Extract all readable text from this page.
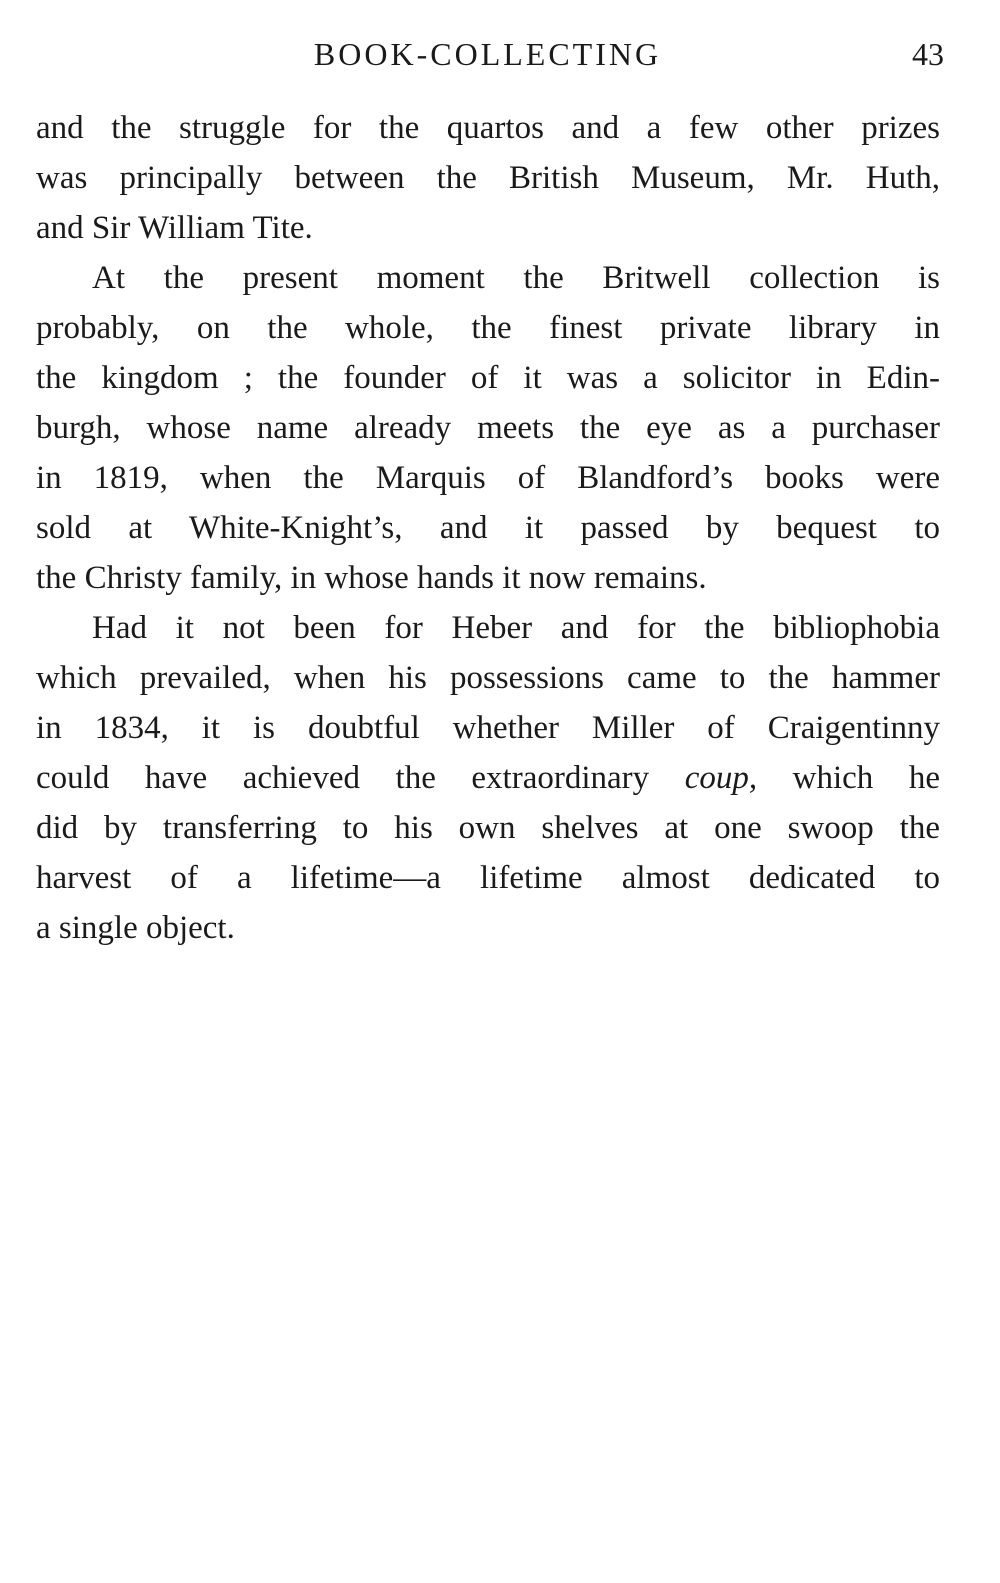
BOOK-COLLECTING	43
and the struggle for the quartos and a few other prizes
was principally between the British Museum, Mr. Huth,
and Sir William Tite.
At the present moment the Britwell collection is
probably, on the whole, the finest private library in
the kingdom ; the founder of it was a solicitor in Edin-
burgh, whose name already meets the eye as a purchaser
in 1819, when the Marquis of Blandford’s books were
sold at White-Knight’s, and it passed by bequest to
the Christy family, in whose hands it now remains.
Had it not been for Heber and for the bibliophobia
which prevailed, when his possessions came to the hammer
in 1834, it is doubtful whether Miller of Craigentinny
could have achieved the extraordinary coup, which he
did by transferring to his own shelves at one swoop the
harvest of a lifetime—a lifetime almost dedicated to
a single object.
